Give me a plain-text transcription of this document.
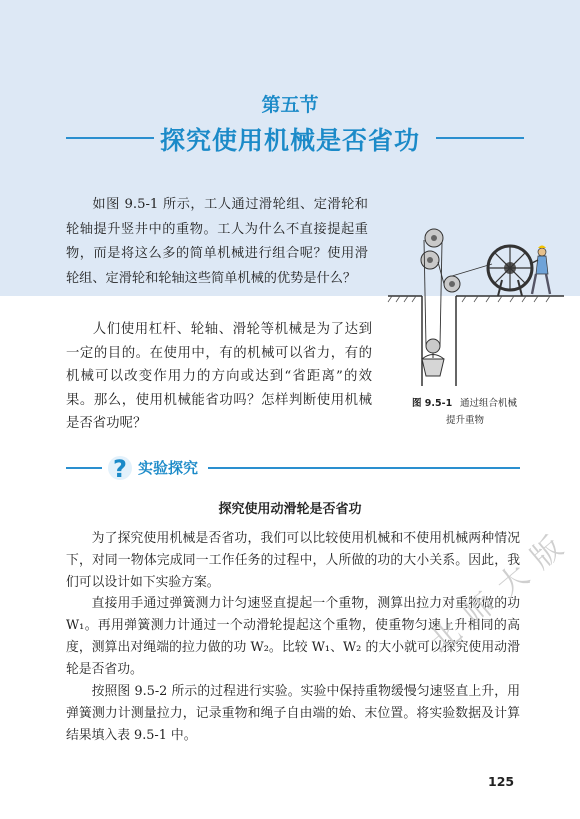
第五节
探究使用机械是否省功

如图 9.5-1 所示，工人通过滑轮组、定滑轮和轮轴提升竖井中的重物。工人为什么不直接提起重物，而是将这么多的简单机械进行组合呢？使用滑轮组、定滑轮和轮轴这些简单机械的优势是什么？

人们使用杠杆、轮轴、滑轮等机械是为了达到一定的目的。在使用中，有的机械可以省力，有的机械可以改变作用力的方向或达到“省距离”的效果。那么，使用机械能省功吗？怎样判断使用机械是否省功呢？

图 9.5-1 通过组合机械
提升重物
? 实验探究
探究使用动滑轮是否省功

为了探究使用机械是否省功，我们可以比较使用机械和不使用机械两种情况下，对同一物体完成同一工作任务的过程中，人所做的功的大小关系。因此，我们可以设计如下实验方案。

直接用手通过弹簧测力计匀速竖直提起一个重物，测算出拉力对重物做的功 W₁。再用弹簧测力计通过一个动滑轮提起这个重物，使重物匀速上升相同的高度，测算出对绳端的拉力做的功 W₂。比较 W₁、W₂ 的大小就可以探究使用动滑轮是否省功。

按照图 9.5-2 所示的过程进行实验。实验中保持重物缓慢匀速竖直上升，用弹簧测力计测量拉力，记录重物和绳子自由端的始、末位置。将实验数据及计算结果填入表 9.5-1 中。

北师大版
125
